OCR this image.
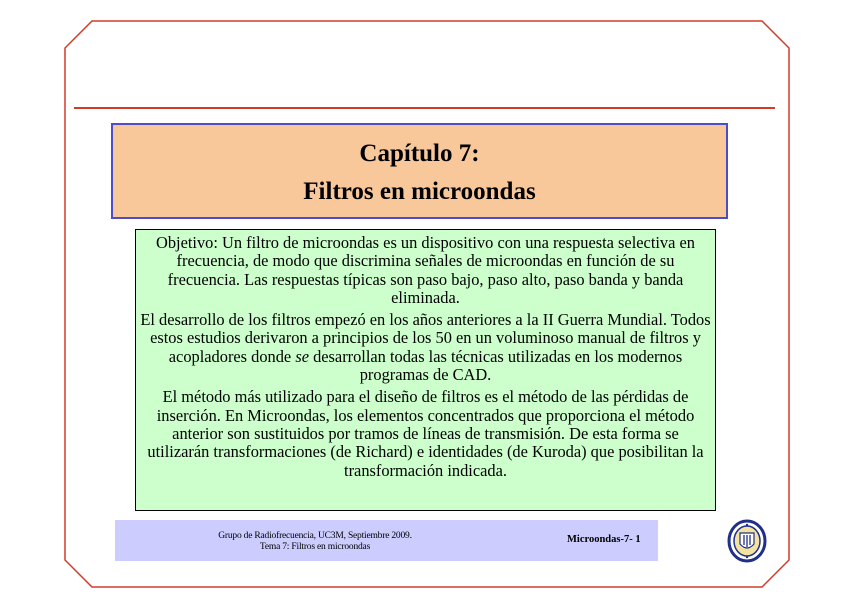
Capítulo 7:
Filtros en microondas

Objetivo: Un filtro de microondas es un dispositivo con una respuesta selectiva en frecuencia, de modo que discrimina señales de microondas en función de su frecuencia. Las respuestas típicas son paso bajo, paso alto, paso banda y banda eliminada.

El desarrollo de los filtros empezó en los años anteriores a la II Guerra Mundial. Todos estos estudios derivaron a principios de los 50 en un voluminoso manual de filtros y acopladores donde se desarrollan todas las técnicas utilizadas en los modernos programas de CAD.

El método más utilizado para el diseño de filtros es el método de las pérdidas de inserción. En Microondas, los elementos concentrados que proporciona el método anterior son sustituidos por tramos de líneas de transmisión. De esta forma se utilizarán transformaciones (de Richard) e identidades (de Kuroda) que posibilitan la transformación indicada.

Grupo de Radiofrecuencia, UC3M, Septiembre 2009.
Tema 7: Filtros en microondas
Microondas-7- 1
